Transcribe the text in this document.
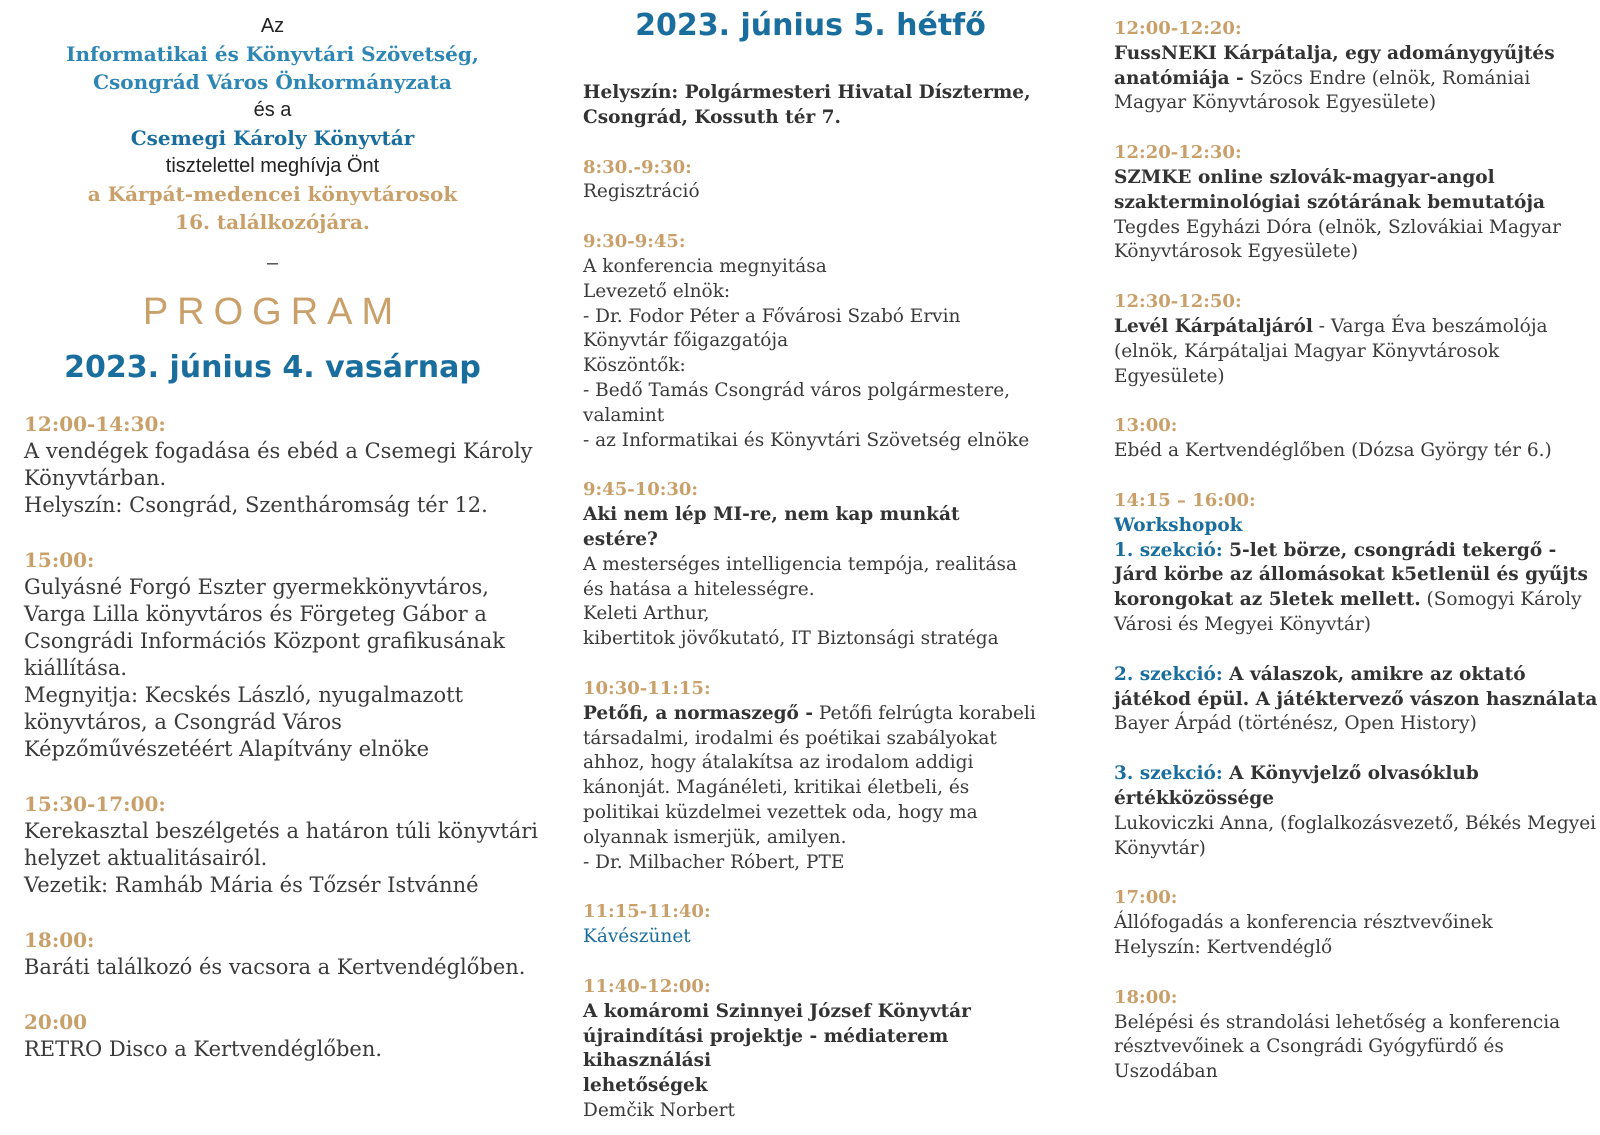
Az
Informatikai és Könyvtári Szövetség,
Csongrád Város Önkormányzata
és a
Csemegi Károly Könyvtár
tisztelettel meghívja Önt
a Kárpát-medencei könyvtárosok
16. találkozójára.
–
PROGRAM
2023. június 4. vasárnap
12:00-14:30:
A vendégek fogadása és ebéd a Csemegi Károly Könyvtárban.
Helyszín: Csongrád, Szentháromság tér 12.
15:00:
Gulyásné Forgó Eszter gyermekkönyvtáros, Varga Lilla könyvtáros és Förgeteg Gábor a Csongrádi Információs Központ grafikusának kiállítása.
Megnyitja: Kecskés László, nyugalmazott könyvtáros, a Csongrád Város Képzőművészetéért Alapítvány elnöke
15:30-17:00:
Kerekasztal beszélgetés a határon túli könyvtári helyzet aktualitásairól.
Vezetik: Ramháb Mária és Tőzsér Istvánné
18:00:
Baráti találkozó és vacsora a Kertvendéglőben.
20:00
RETRO Disco a Kertvendéglőben.
2023. június 5. hétfő
Helyszín: Polgármesteri Hivatal Díszterme, Csongrád, Kossuth tér 7.
8:30.-9:30:
Regisztráció
9:30-9:45:
A konferencia megnyitása
Levezető elnök:
- Dr. Fodor Péter a Fővárosi Szabó Ervin Könyvtár főigazgatója
Köszöntők:
- Bedő Tamás Csongrád város polgármestere, valamint
- az Informatikai és Könyvtári Szövetség elnöke
9:45-10:30:
Aki nem lép MI-re, nem kap munkát estére?
A mesterséges intelligencia tempója, realitása és hatása a hitelességre.
Keleti Arthur,
kibertitok jövőkutató, IT Biztonsági stratéga
10:30-11:15:
Petőfi, a normaszegő - Petőfi felrúgta korabeli társadalmi, irodalmi és poétikai szabályokat ahhoz, hogy átalakítsa az irodalom addigi kánonját. Magánéleti, kritikai életbeli, és politikai küzdelmei vezettek oda, hogy ma olyannak ismerjük, amilyen.
- Dr. Milbacher Róbert, PTE
11:15-11:40:
Kávészünet
11:40-12:00:
A komáromi Szinnyei József Könyvtár újraindítási projektje - médiaterem kihasználási
lehetőségek
Demčik Norbert
12:00-12:20:
FussNEKI Kárpátalja, egy adománygyűjtés anatómiája - Szöcs Endre (elnök, Romániai Magyar Könyvtárosok Egyesülete)
12:20-12:30:
SZMKE online szlovák-magyar-angol szakterminológiai szótárának bemutatója
Tegdes Egyházi Dóra (elnök, Szlovákiai Magyar Könyvtárosok Egyesülete)
12:30-12:50:
Levél Kárpátaljáról - Varga Éva beszámolója (elnök, Kárpátaljai Magyar Könyvtárosok Egyesülete)
13:00:
Ebéd a Kertvendéglőben (Dózsa György tér 6.)
14:15 – 16:00:
Workshopok
1. szekció: 5-let börze, csongrádi tekergő - Járd körbe az állomásokat k5etlenül és gyűjts korongokat az 5letek mellett. (Somogyi Károly Városi és Megyei Könyvtár)
2. szekció: A válaszok, amikre az oktató játékod épül. A játéktervező vászon használata
Bayer Árpád (történész, Open History)
3. szekció: A Könyvjelző olvasóklub értékközössége
Lukoviczki Anna, (foglalkozásvezető, Békés Megyei Könyvtár)
17:00:
Állófogadás a konferencia résztvevőinek
Helyszín: Kertvendéglő
18:00:
Belépési és strandolási lehetőség a konferencia résztvevőinek a Csongrádi Gyógyfürdő és Uszodában
